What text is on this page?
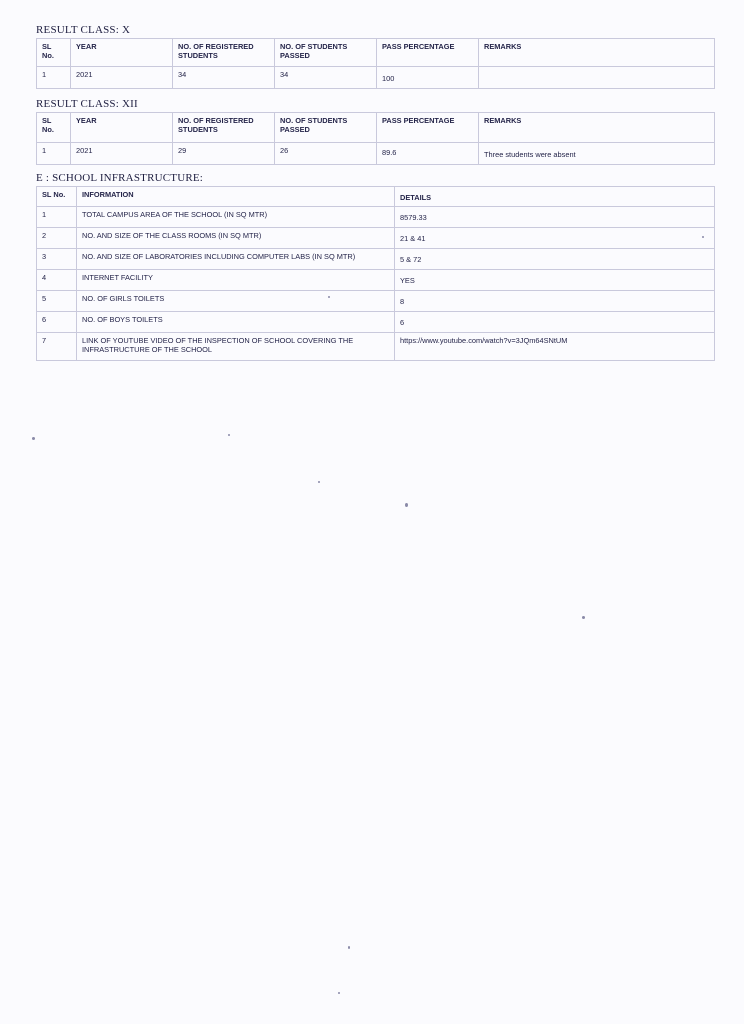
RESULT CLASS: X
SL No.	YEAR	NO. OF REGISTERED STUDENTS	NO. OF STUDENTS PASSED	PASS PERCENTAGE	REMARKS
1	2021	34	34	100	
RESULT CLASS: XII
SL No.	YEAR	NO. OF REGISTERED STUDENTS	NO. OF STUDENTS PASSED	PASS PERCENTAGE	REMARKS
1	2021	29	26	89.6	Three students were absent
E : SCHOOL INFRASTRUCTURE:
SL No.	INFORMATION	DETAILS
1	TOTAL CAMPUS AREA OF THE SCHOOL (IN SQ MTR)	8579.33
2	NO. AND SIZE OF THE CLASS ROOMS (IN SQ MTR)	21 & 41
3	NO. AND SIZE OF LABORATORIES INCLUDING COMPUTER LABS (IN SQ MTR)	5 & 72
4	INTERNET FACILITY	YES
5	NO. OF GIRLS TOILETS	8
6	NO. OF BOYS TOILETS	6
7	LINK OF YOUTUBE VIDEO OF THE INSPECTION OF SCHOOL COVERING THE INFRASTRUCTURE OF THE SCHOOL	https://www.youtube.com/watch?v=3JQm64SNtUM
